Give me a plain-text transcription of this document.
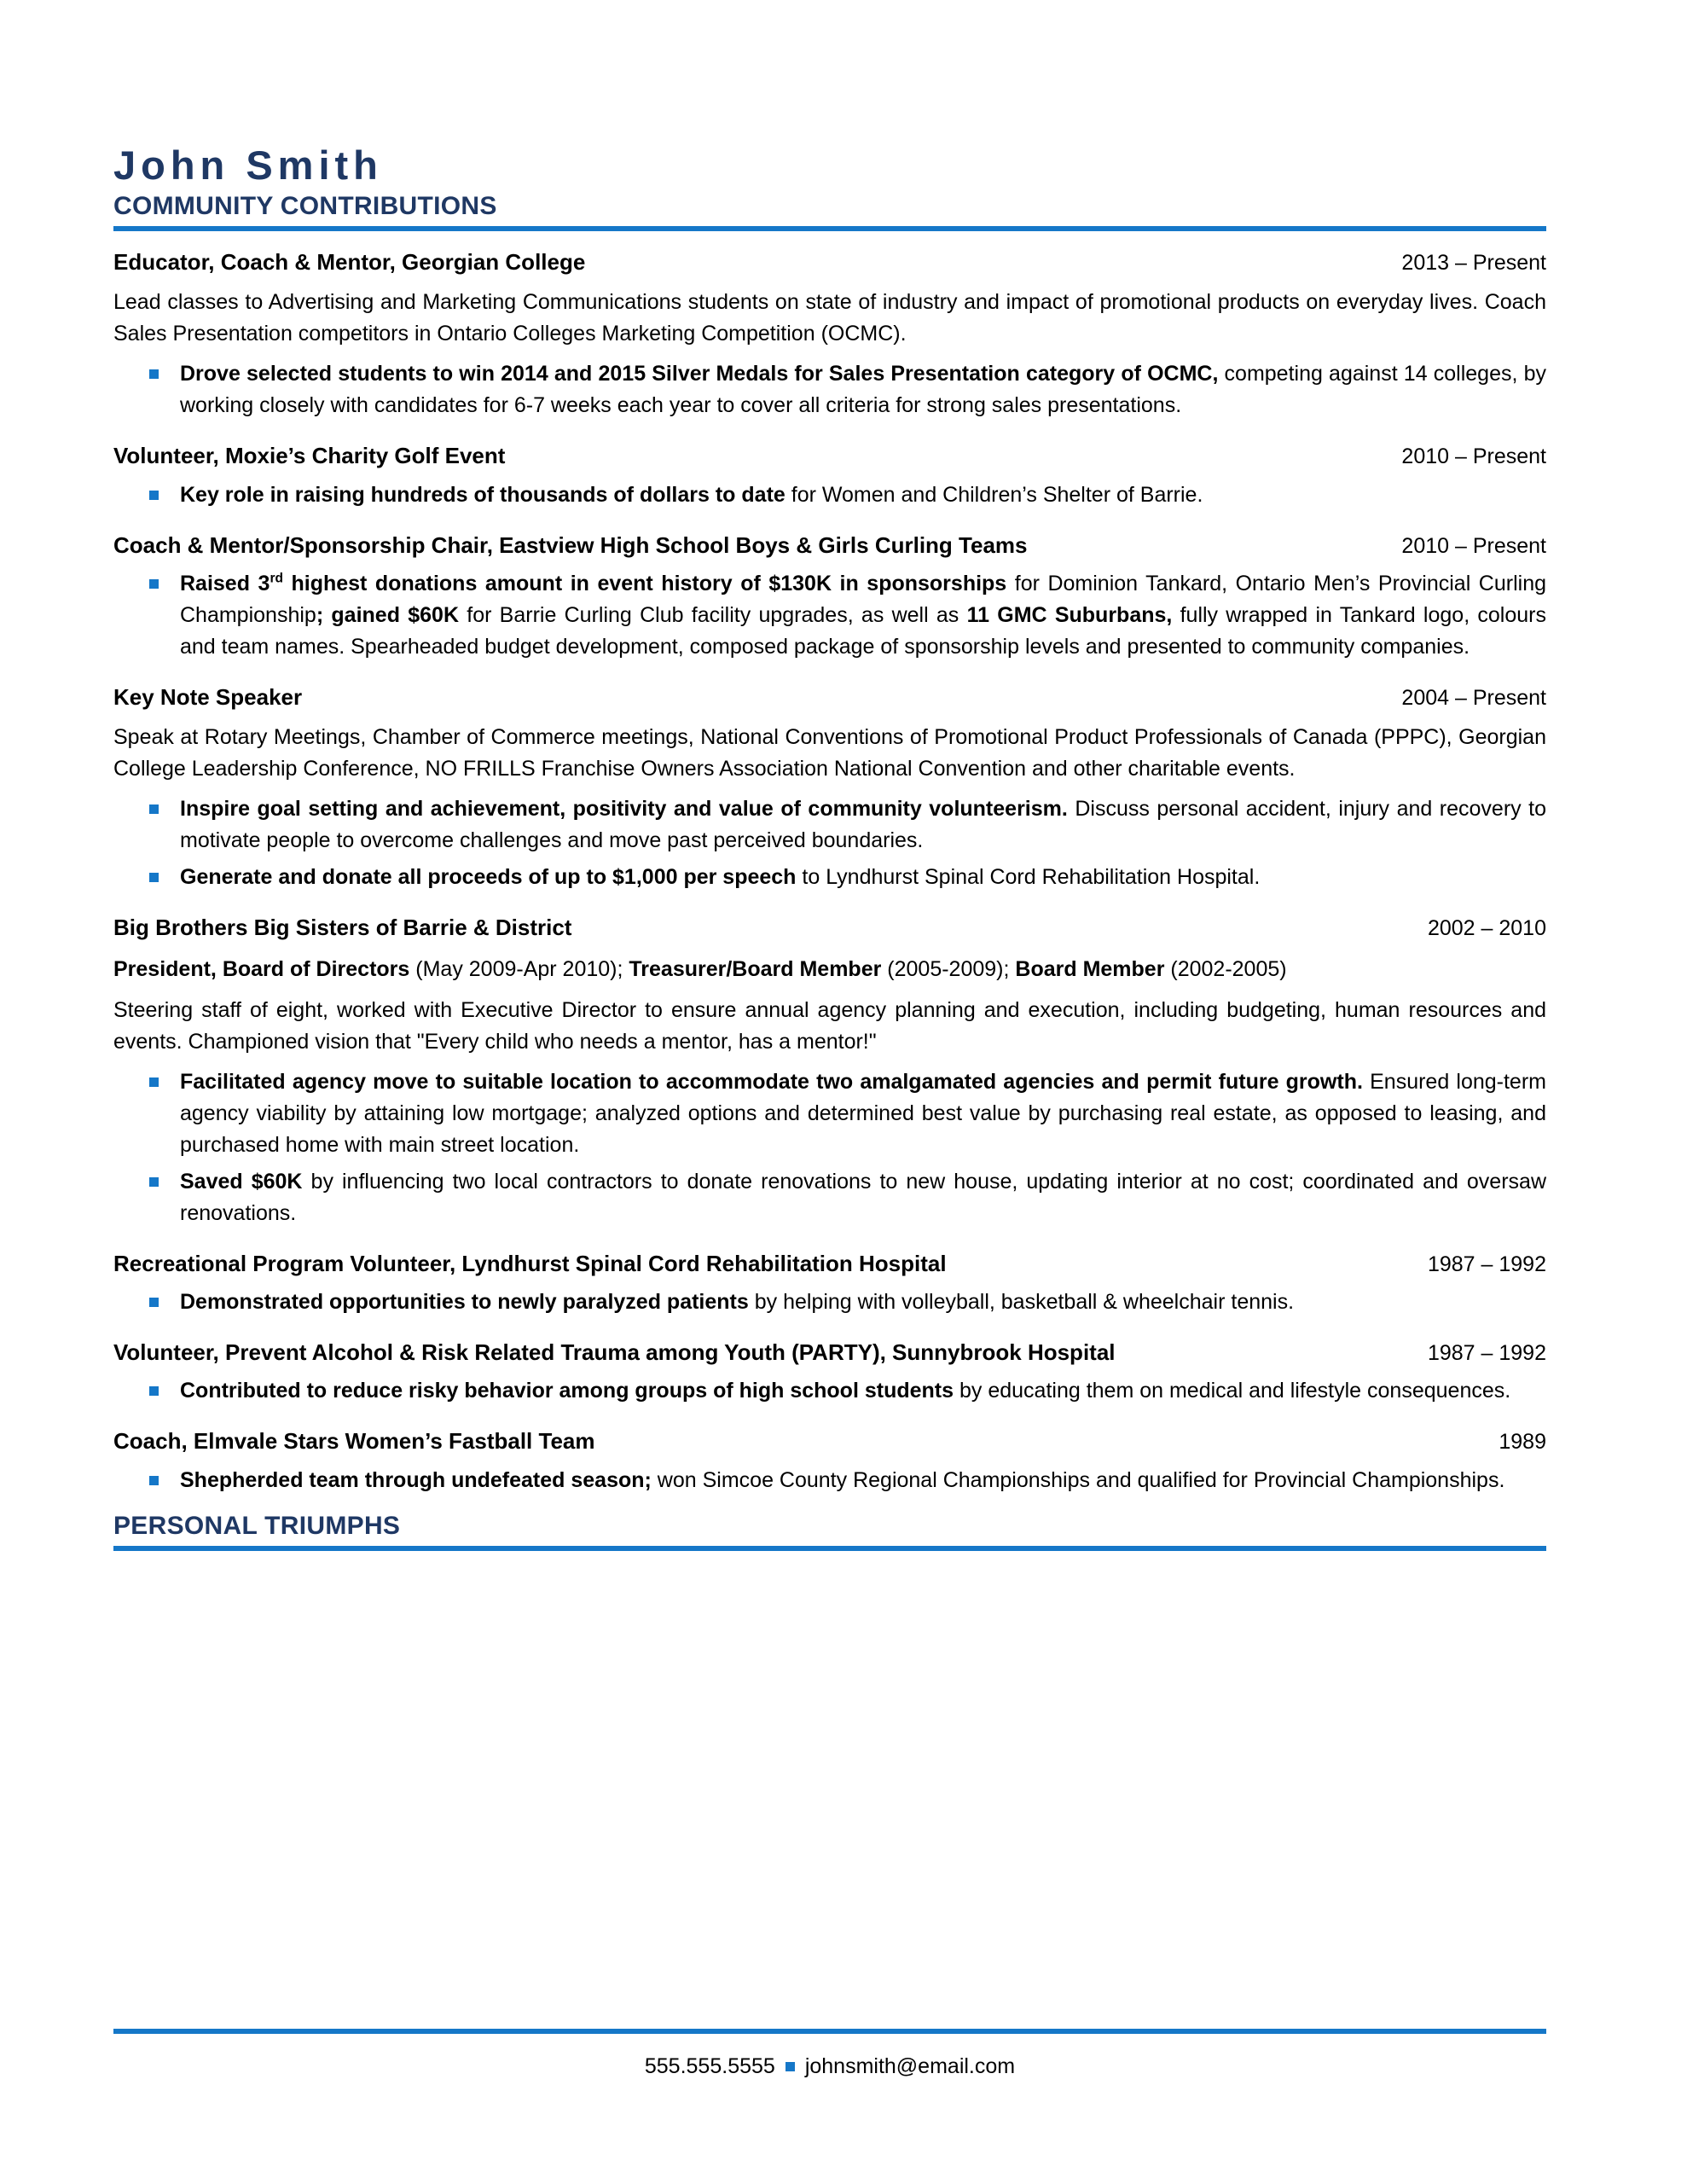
John Smith
COMMUNITY CONTRIBUTIONS
Educator, Coach & Mentor, Georgian College	2013 – Present
Lead classes to Advertising and Marketing Communications students on state of industry and impact of promotional products on everyday lives. Coach Sales Presentation competitors in Ontario Colleges Marketing Competition (OCMC).
Drove selected students to win 2014 and 2015 Silver Medals for Sales Presentation category of OCMC, competing against 14 colleges, by working closely with candidates for 6-7 weeks each year to cover all criteria for strong sales presentations.
Volunteer, Moxie’s Charity Golf Event	2010 – Present
Key role in raising hundreds of thousands of dollars to date for Women and Children’s Shelter of Barrie.
Coach & Mentor/Sponsorship Chair, Eastview High School Boys & Girls Curling Teams	2010 – Present
Raised 3rd highest donations amount in event history of $130K in sponsorships for Dominion Tankard, Ontario Men’s Provincial Curling Championship; gained $60K for Barrie Curling Club facility upgrades, as well as 11 GMC Suburbans, fully wrapped in Tankard logo, colours and team names. Spearheaded budget development, composed package of sponsorship levels and presented to community companies.
Key Note Speaker	2004 – Present
Speak at Rotary Meetings, Chamber of Commerce meetings, National Conventions of Promotional Product Professionals of Canada (PPPC), Georgian College Leadership Conference, NO FRILLS Franchise Owners Association National Convention and other charitable events.
Inspire goal setting and achievement, positivity and value of community volunteerism. Discuss personal accident, injury and recovery to motivate people to overcome challenges and move past perceived boundaries.
Generate and donate all proceeds of up to $1,000 per speech to Lyndhurst Spinal Cord Rehabilitation Hospital.
Big Brothers Big Sisters of Barrie & District	2002 – 2010
President, Board of Directors (May 2009-Apr 2010); Treasurer/Board Member (2005-2009); Board Member (2002-2005)
Steering staff of eight, worked with Executive Director to ensure annual agency planning and execution, including budgeting, human resources and events. Championed vision that "Every child who needs a mentor, has a mentor!"
Facilitated agency move to suitable location to accommodate two amalgamated agencies and permit future growth. Ensured long-term agency viability by attaining low mortgage; analyzed options and determined best value by purchasing real estate, as opposed to leasing, and purchased home with main street location.
Saved $60K by influencing two local contractors to donate renovations to new house, updating interior at no cost; coordinated and oversaw renovations.
Recreational Program Volunteer, Lyndhurst Spinal Cord Rehabilitation Hospital	1987 – 1992
Demonstrated opportunities to newly paralyzed patients by helping with volleyball, basketball & wheelchair tennis.
Volunteer, Prevent Alcohol & Risk Related Trauma among Youth (PARTY), Sunnybrook Hospital	1987 – 1992
Contributed to reduce risky behavior among groups of high school students by educating them on medical and lifestyle consequences.
Coach, Elmvale Stars Women’s Fastball Team	1989
Shepherded team through undefeated season; won Simcoe County Regional Championships and qualified for Provincial Championships.
PERSONAL TRIUMPHS
555.555.5555 johnsmith@email.com
